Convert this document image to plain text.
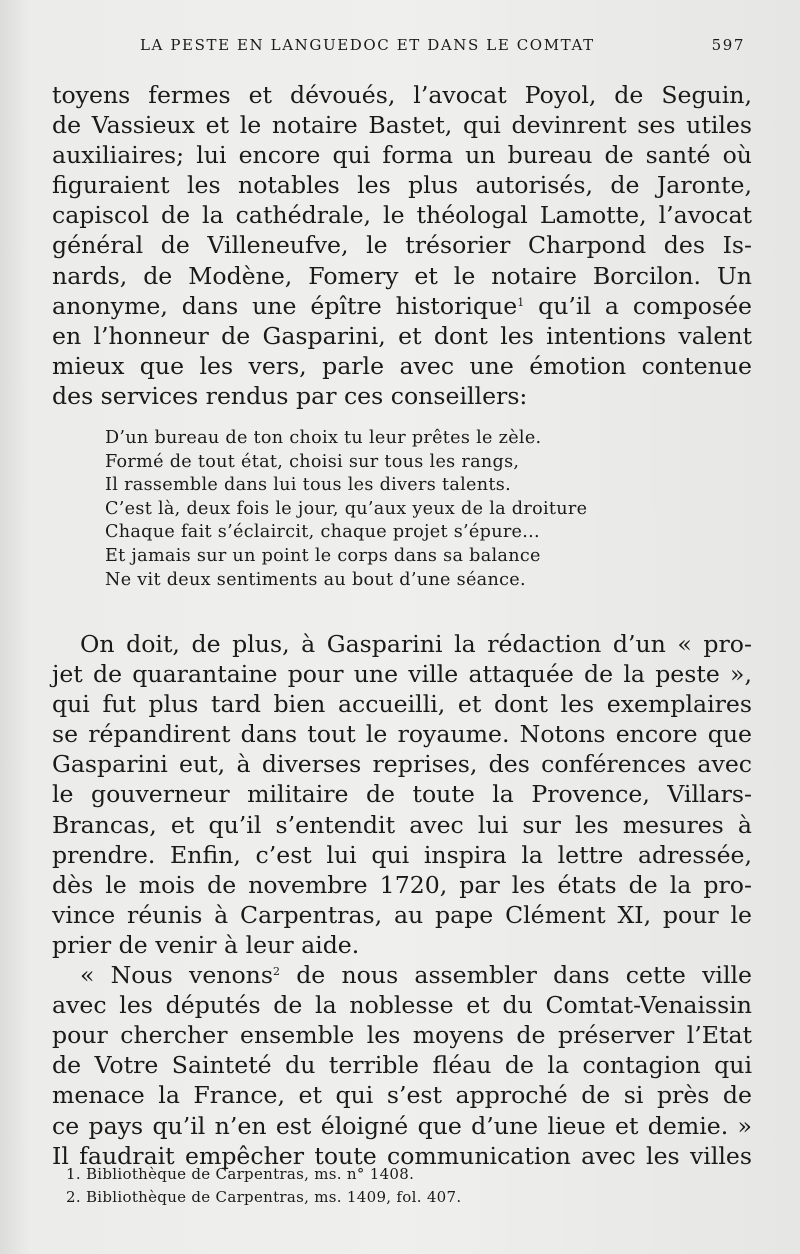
LA PESTE EN LANGUEDOC ET DANS LE COMTAT	597
toyens fermes et dévoués, l’avocat Poyol, de Seguin,
de Vassieux et le notaire Bastet, qui devinrent ses utiles
auxiliaires; lui encore qui forma un bureau de santé où
figuraient les notables les plus autorisés, de Jaronte,
capiscol de la cathédrale, le théologal Lamotte, l’avocat
général de Villeneufve, le trésorier Charpond des Is-
nards, de Modène, Fomery et le notaire Borcilon. Un
anonyme, dans une épître historique$^1$ qu’il a composée
en l’honneur de Gasparini, et dont les intentions valent
mieux que les vers, parle avec une émotion contenue
des services rendus par ces conseillers:
D’un bureau de ton choix tu leur prêtes le zèle.
Formé de tout état, choisi sur tous les rangs,
Il rassemble dans lui tous les divers talents.
C’est là, deux fois le jour, qu’aux yeux de la droiture
Chaque fait s’éclaircit, chaque projet s’épure...
Et jamais sur un point le corps dans sa balance
Ne vit deux sentiments au bout d’une séance.
On doit, de plus, à Gasparini la rédaction d’un « pro-
jet de quarantaine pour une ville attaquée de la peste »,
qui fut plus tard bien accueilli, et dont les exemplaires
se répandirent dans tout le royaume. Notons encore que
Gasparini eut, à diverses reprises, des conférences avec
le gouverneur militaire de toute la Provence, Villars-
Brancas, et qu’il s’entendit avec lui sur les mesures à
prendre. Enfin, c’est lui qui inspira la lettre adressée,
dès le mois de novembre 1720, par les états de la pro-
vince réunis à Carpentras, au pape Clément XI, pour le
prier de venir à leur aide.
« Nous venons$^2$ de nous assembler dans cette ville
avec les députés de la noblesse et du Comtat-Venaissin
pour chercher ensemble les moyens de préserver l’Etat
de Votre Sainteté du terrible fléau de la contagion qui
menace la France, et qui s’est approché de si près de
ce pays qu’il n’en est éloigné que d’une lieue et demie. »
Il faudrait empêcher toute communication avec les villes
1. Bibliothèque de Carpentras, ms. n° 1408.
2. Bibliothèque de Carpentras, ms. 1409, fol. 407.
